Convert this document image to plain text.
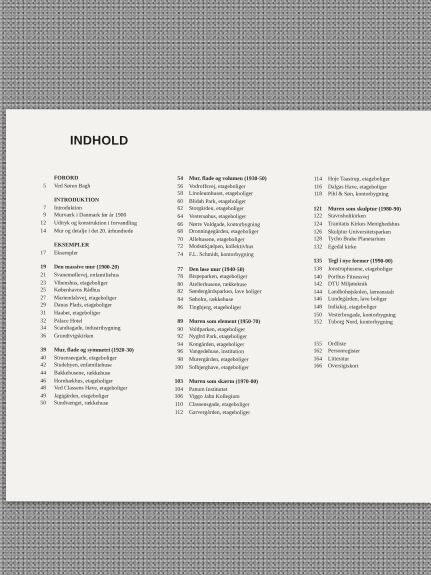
INDHOLD
FORORD
5	Ved Søren Bagh
INTRODUKTION
7	Introduktion
9	Murværk i Danmark før år 1900
12	Udtryk og konstruktion i forvandling
14	Mur og detalje i det 20. århundrede
EKSEMPLER
17	Eksempler
19	Den massive mur (1900-20)
21	Svanemøllevej, enfamiliehus
23	Vibenshus, etageboliger
25	Københavns Rådhus
27	Mariendalsvej, etageboliger
29	Danas Plads, etageboliger
31	Haabet, etageboliger
32	Palace Hotel
34	Scandiagade, industribygning
36	Grundtvigskirken
39	Mur, flade og symmetri (1920-30)
40	Struenseegade, etageboliger
42	Studebyen, enfamiliehuse
44	Bakkehusene, rækkehuse
46	Hornbækhus, etageboliger
48	Ved Classens Have, etageboliger
49	Jagtgården, etageboliger
50	Sundvænget, rækkehuse
54	Mur, flade og volumen (1930-50)
56	Vodroffsvej, etageboliger
58	Linoleumhuset, etageboliger
60	Blidah Park, etageboliger
62	Storgården, etageboliger
64	Vestersøhus, etageboliger
66	Nørre Voldgade, kontorbygning
68	Dronningegården, etageboliger
70	Allehusene, etageboliger
72	Modstrkjælpen, kollektivhus
74	F.L. Schmidt, kontorbygning
77	Den løse mur (1940-50)
78	Bispeparken, etageboliger
80	Atelierhusene, rækkehuse
82	Søndergårdsparken, lave boliger
84	Søholm, rækkehuse
86	Tingbjerg, etageboliger
89	Muren som element (1950-70)
90	Voldparken, etageboliger
92	Nyglrd Park, etageboliger
94	Kongården, etageboliger
96	Vangedehuse, institution
98	Murergården, etageboliger
100	Solbjerghave, etageboliger
103	Muren som skærm (1970-00)
104	Panum Instituttet
106	Viggo Jahn Kollegium
110	Classensgade, etageboliger
112	Garvergården, etageboliger
114	Hoje Taastrup, etageboliger
116	Dalgas Have, etageboliger
118	Pihl & Søn, kontorbygning
121	Muren som skulptur (1980-90)
122	Stavnsholtkirken
124	Tranitatis Kirkes Menighedshus
126	Skulptur Universitetsparken
128	Tycho Brahe Planetarium
132	Egedal kirke
135	Tegl i nye former (1990-00)
138	Jonstruphusene, etageboliger
140	Porthus Fitnessvej
142	DTU Miljøteknik
144	Landbohøjskolen, læreanstalt
146	Lundegården, lave boliger
148	Indiakaj, etageboliger
150	Vesterbrogade, kontorbygning
152	Tuborg Nord, kontorbygning
155	Ordliste
162	Personregister
164	Litteratur
166	Oversigtskort
